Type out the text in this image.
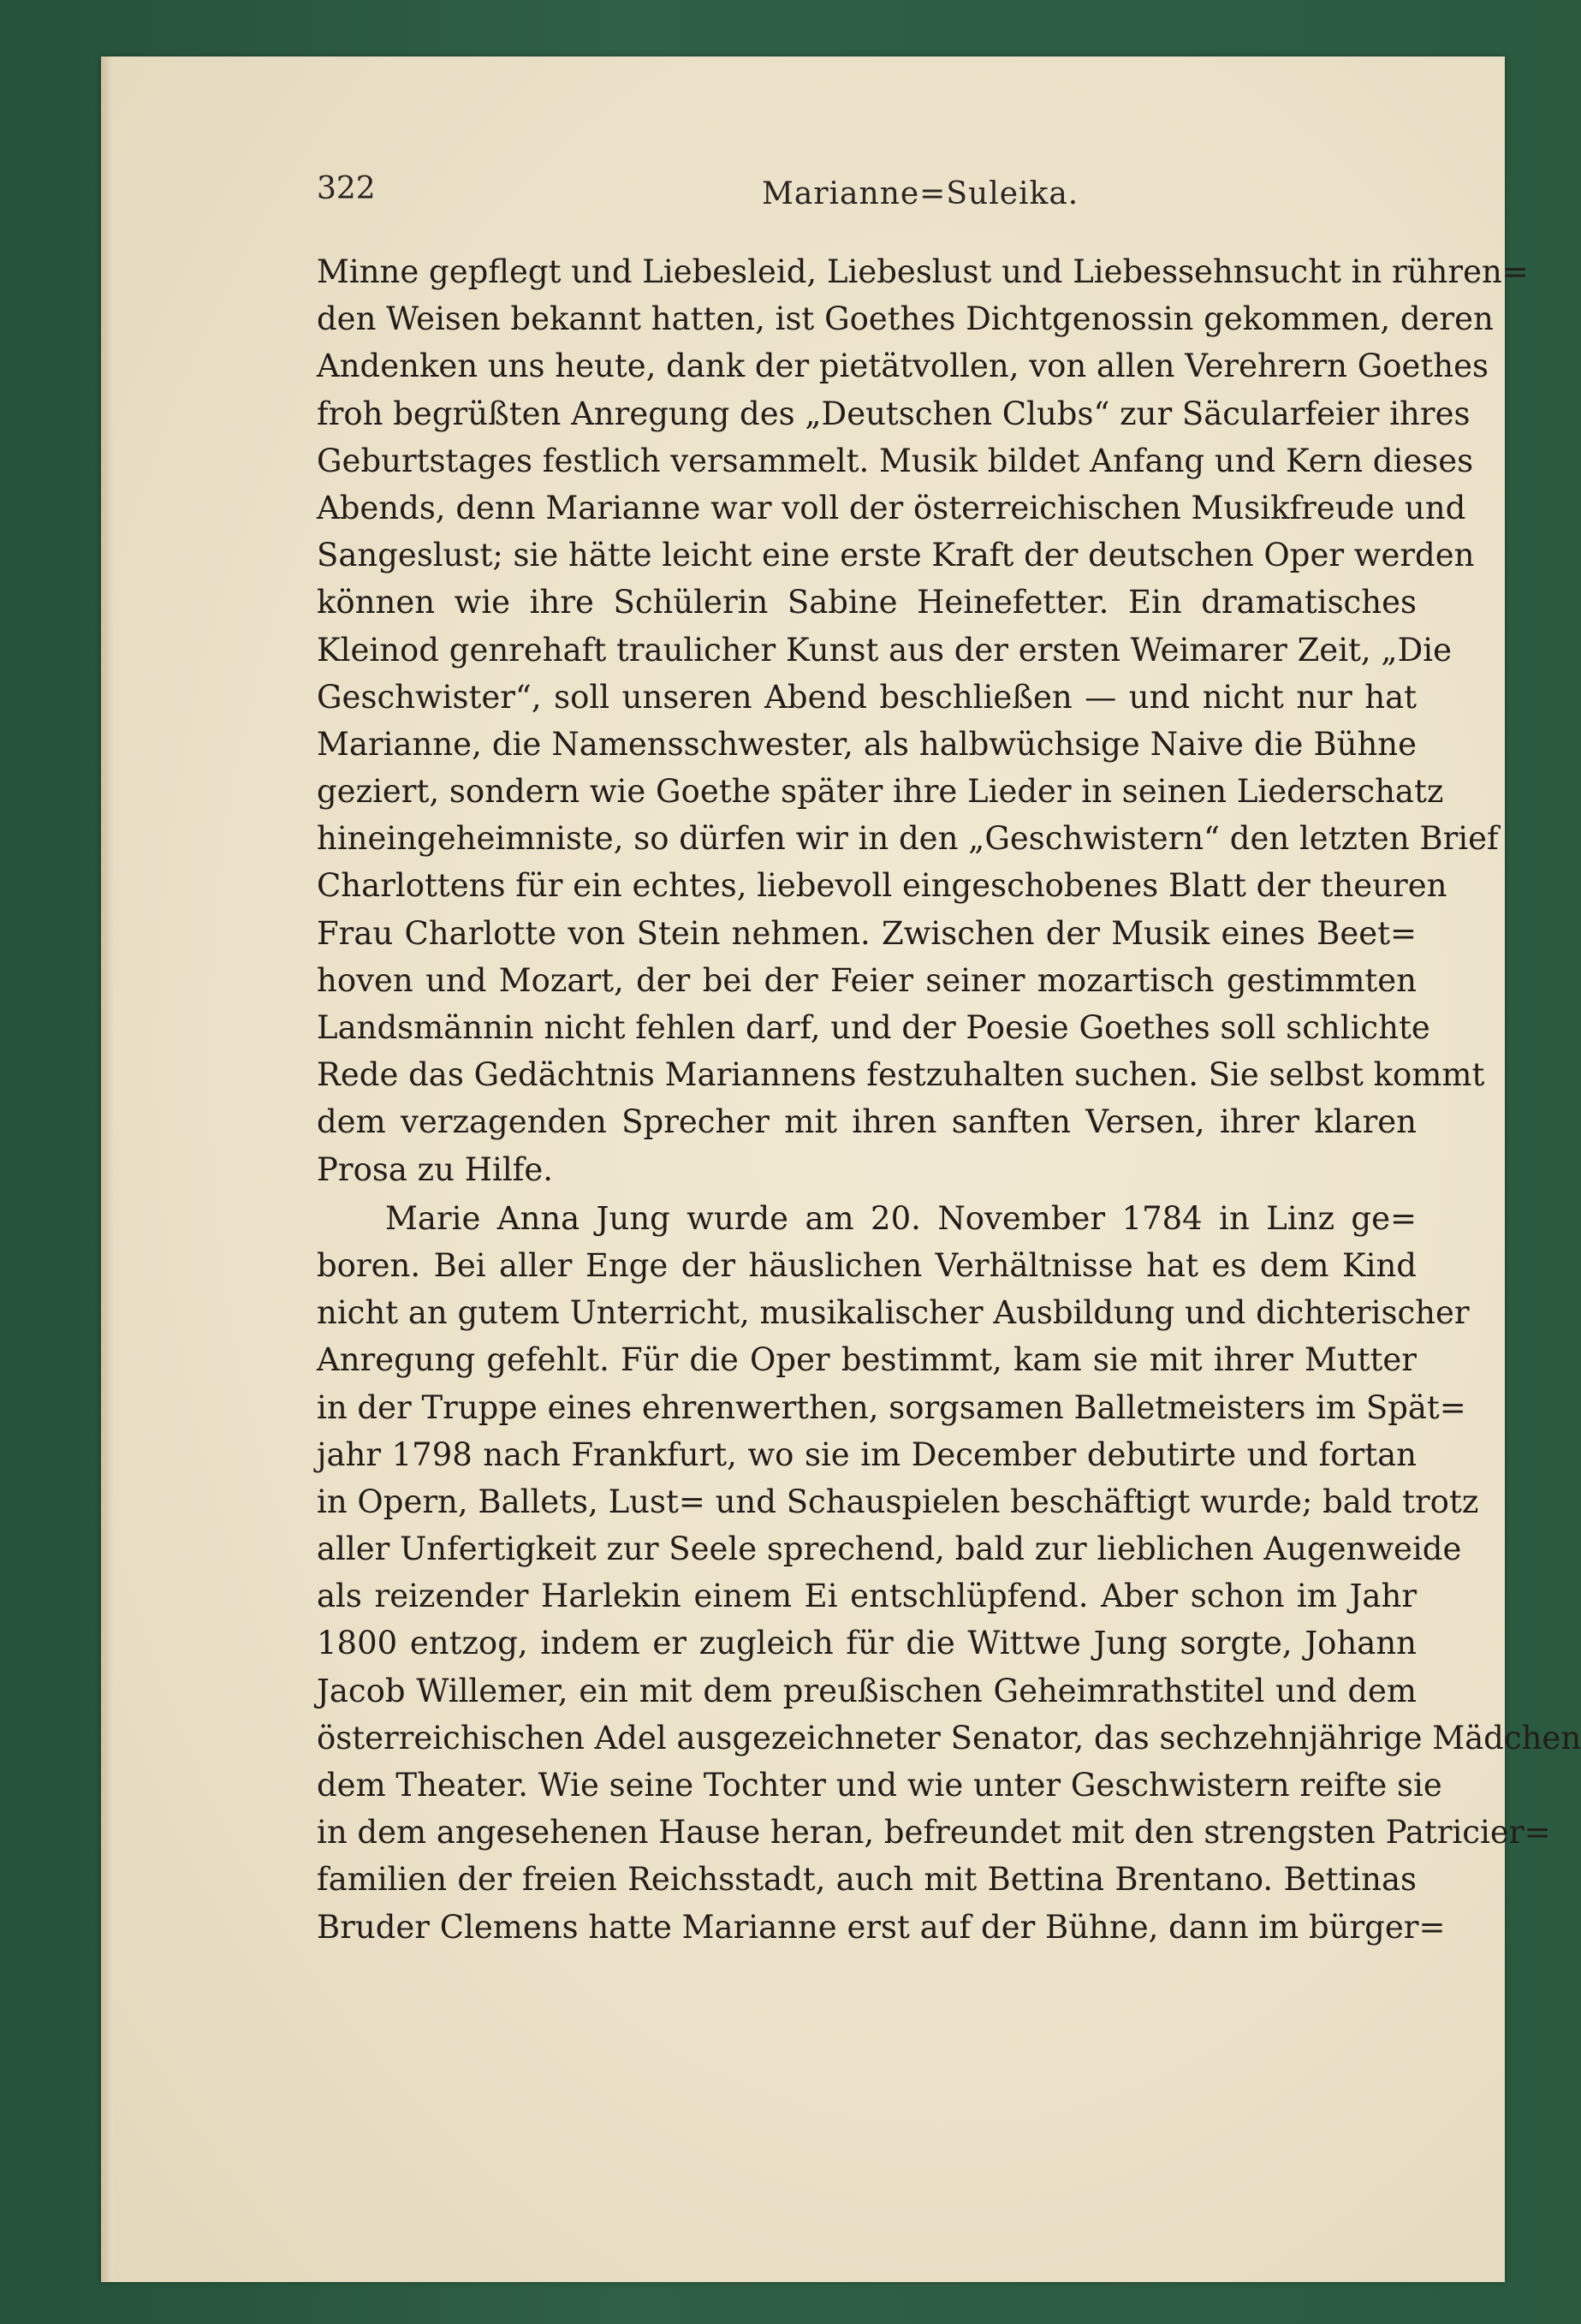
322	Marianne=Suleika.
Minne gepflegt und Liebesleid, Liebeslust und Liebessehnsucht in rühren=
den Weisen bekannt hatten, ist Goethes Dichtgenossin gekommen, deren
Andenken uns heute, dank der pietätvollen, von allen Verehrern Goethes
froh begrüßten Anregung des „Deutschen Clubs“ zur Säcularfeier ihres
Geburtstages festlich versammelt. Musik bildet Anfang und Kern dieses
Abends, denn Marianne war voll der österreichischen Musikfreude und
Sangeslust; sie hätte leicht eine erste Kraft der deutschen Oper werden
können wie ihre Schülerin Sabine Heinefetter. Ein dramatisches
Kleinod genrehaft traulicher Kunst aus der ersten Weimarer Zeit, „Die
Geschwister“, soll unseren Abend beschließen — und nicht nur hat
Marianne, die Namensschwester, als halbwüchsige Naive die Bühne
geziert, sondern wie Goethe später ihre Lieder in seinen Liederschatz
hineingeheimniste, so dürfen wir in den „Geschwistern“ den letzten Brief
Charlottens für ein echtes, liebevoll eingeschobenes Blatt der theuren
Frau Charlotte von Stein nehmen. Zwischen der Musik eines Beet=
hoven und Mozart, der bei der Feier seiner mozartisch gestimmten
Landsmännin nicht fehlen darf, und der Poesie Goethes soll schlichte
Rede das Gedächtnis Mariannens festzuhalten suchen. Sie selbst kommt
dem verzagenden Sprecher mit ihren sanften Versen, ihrer klaren
Prosa zu Hilfe.
Marie Anna Jung wurde am 20. November 1784 in Linz ge=
boren. Bei aller Enge der häuslichen Verhältnisse hat es dem Kind
nicht an gutem Unterricht, musikalischer Ausbildung und dichterischer
Anregung gefehlt. Für die Oper bestimmt, kam sie mit ihrer Mutter
in der Truppe eines ehrenwerthen, sorgsamen Balletmeisters im Spät=
jahr 1798 nach Frankfurt, wo sie im December debutirte und fortan
in Opern, Ballets, Lust= und Schauspielen beschäftigt wurde; bald trotz
aller Unfertigkeit zur Seele sprechend, bald zur lieblichen Augenweide
als reizender Harlekin einem Ei entschlüpfend. Aber schon im Jahr
1800 entzog, indem er zugleich für die Wittwe Jung sorgte, Johann
Jacob Willemer, ein mit dem preußischen Geheimrathstitel und dem
österreichischen Adel ausgezeichneter Senator, das sechzehnjährige Mädchen
dem Theater. Wie seine Tochter und wie unter Geschwistern reifte sie
in dem angesehenen Hause heran, befreundet mit den strengsten Patricier=
familien der freien Reichsstadt, auch mit Bettina Brentano. Bettinas
Bruder Clemens hatte Marianne erst auf der Bühne, dann im bürger=
